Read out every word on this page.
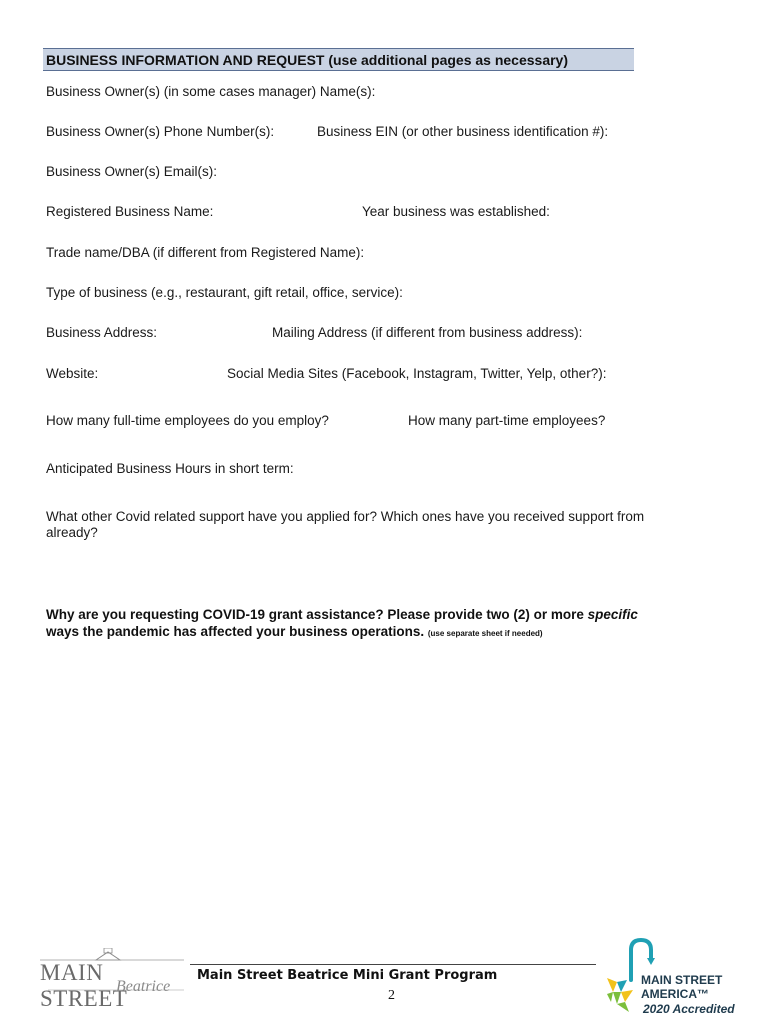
BUSINESS INFORMATION AND REQUEST (use additional pages as necessary)
Business Owner(s) (in some cases manager) Name(s):
Business Owner(s) Phone Number(s):	Business EIN (or other business identification #):
Business Owner(s) Email(s):
Registered Business Name:	Year business was established:
Trade name/DBA (if different from Registered Name):
Type of business (e.g., restaurant, gift retail, office, service):
Business Address:	Mailing Address (if different from business address):
Website:	Social Media Sites (Facebook, Instagram, Twitter, Yelp, other?):
How many full-time employees do you employ?	How many part-time employees?
Anticipated Business Hours in short term:
What other Covid related support have you applied for? Which ones have you received support from already?
Why are you requesting COVID-19 grant assistance? Please provide two (2) or more specific ways the pandemic has affected your business operations. (use separate sheet if needed)
MAIN STREET
Beatrice
Main Street Beatrice Mini Grant Program
2
MAIN STREET
AMERICA™
2020 Accredited
